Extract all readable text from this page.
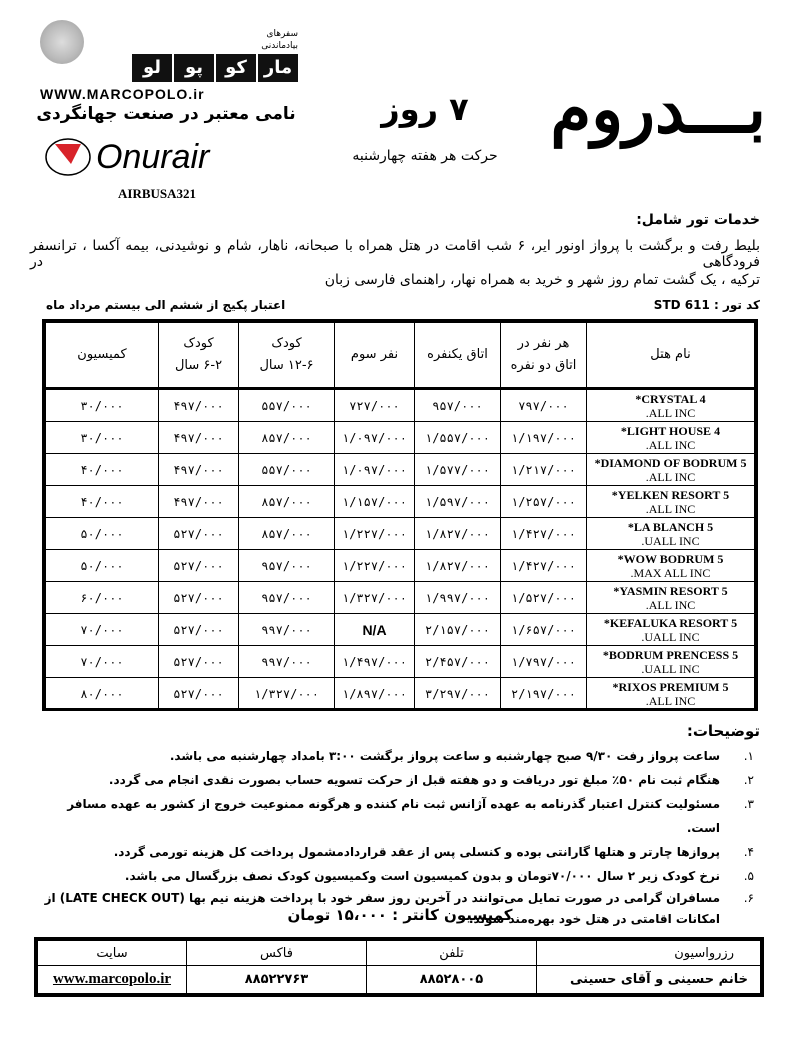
سفرهای
بیادماندنی
مار
کو
پو
لو
WWW.MARCOPOLO.ir
نامی معتبر در صنعت جهانگردی
Onurair
AIRBUSA321
بـــدروم
۷ روز
حرکت هر هفته چهارشنبه
خدمات تور شامل:
بلیط رفت و برگشت با پرواز اونور ایر، ۶ شب اقامت در هتل همراه با صبحانه، ناهار، شام و نوشیدنی، بیمه آکسا ، ترانسفر فرودگاهی در
ترکیه ، یک گشت تمام روز شهر و خرید به همراه نهار، راهنمای فارسی زبان
کد تور : STD 611
اعتبار پکیج از ششم الی بیستم مرداد ماه
نام هتل	هر نفر در
اتاق دو نفره	اتاق یکنفره	نفر سوم	کودک
۱۲-۶ سال	کودک
۶-۲ سال	کمیسیون

CRYSTAL 4*
ALL INC.	۷۹۷/۰۰۰	۹۵۷/۰۰۰	۷۲۷/۰۰۰	۵۵۷/۰۰۰	۴۹۷/۰۰۰	۳۰/۰۰۰

LIGHT HOUSE 4*
ALL INC.	۱/۱۹۷/۰۰۰	۱/۵۵۷/۰۰۰	۱/۰۹۷/۰۰۰	۸۵۷/۰۰۰	۴۹۷/۰۰۰	۳۰/۰۰۰

DIAMOND OF BODRUM 5*
ALL INC.	۱/۲۱۷/۰۰۰	۱/۵۷۷/۰۰۰	۱/۰۹۷/۰۰۰	۵۵۷/۰۰۰	۴۹۷/۰۰۰	۴۰/۰۰۰

YELKEN RESORT 5*
ALL INC.	۱/۲۵۷/۰۰۰	۱/۵۹۷/۰۰۰	۱/۱۵۷/۰۰۰	۸۵۷/۰۰۰	۴۹۷/۰۰۰	۴۰/۰۰۰

LA BLANCH 5*
UALL INC.	۱/۴۲۷/۰۰۰	۱/۸۲۷/۰۰۰	۱/۲۲۷/۰۰۰	۸۵۷/۰۰۰	۵۲۷/۰۰۰	۵۰/۰۰۰

WOW BODRUM 5*
MAX ALL INC.	۱/۴۲۷/۰۰۰	۱/۸۲۷/۰۰۰	۱/۲۲۷/۰۰۰	۹۵۷/۰۰۰	۵۲۷/۰۰۰	۵۰/۰۰۰

YASMIN RESORT 5*
ALL INC.	۱/۵۲۷/۰۰۰	۱/۹۹۷/۰۰۰	۱/۳۲۷/۰۰۰	۹۵۷/۰۰۰	۵۲۷/۰۰۰	۶۰/۰۰۰

KEFALUKA RESORT 5*
UALL INC.	۱/۶۵۷/۰۰۰	۲/۱۵۷/۰۰۰	N/A	۹۹۷/۰۰۰	۵۲۷/۰۰۰	۷۰/۰۰۰

BODRUM PRENCESS 5*
UALL INC.	۱/۷۹۷/۰۰۰	۲/۴۵۷/۰۰۰	۱/۴۹۷/۰۰۰	۹۹۷/۰۰۰	۵۲۷/۰۰۰	۷۰/۰۰۰

RIXOS PREMIUM 5*
ALL INC.	۲/۱۹۷/۰۰۰	۳/۲۹۷/۰۰۰	۱/۸۹۷/۰۰۰	۱/۳۲۷/۰۰۰	۵۲۷/۰۰۰	۸۰/۰۰۰
توضیحات:
۱.
ساعت پرواز رفت ۹/۳۰ صبح چهارشنبه و ساعت پرواز برگشت ۳:۰۰ بامداد چهارشنبه می باشد.
۲.
هنگام ثبت نام ۵۰٪ مبلغ تور دریافت و دو هفته قبل از حرکت تسویه حساب بصورت نقدی انجام می گردد.
۳.
مسئولیت کنترل اعتبار گذرنامه به عهده آژانس ثبت نام کننده و هرگونه ممنوعیت خروج از کشور به عهده مسافر است.
۴.
پروازها چارتر و هتلها گارانتی بوده و کنسلی پس از عقد قراردادمشمول پرداخت کل هزینه تورمی گردد.
۵.
نرخ کودک زیر ۲ سال ۷۰/۰۰۰تومان و بدون کمیسیون است وکمیسیون کودک نصف بزرگسال می باشد.
۶.
مسافران گرامی در صورت تمایل می‌توانند در آخرین روز سفر خود با پرداخت هزینه نیم بها (LATE CHECK OUT) از امکانات اقامتی در هتل خود بهره‌مند شوند.
کمیسیون کانتر : ۱۵،۰۰۰ تومان
رزرواسیون	تلفن	فاکس	سایت
خانم حسینی و آقای حسینی	۸۸۵۲۸۰۰۵	۸۸۵۲۲۷۶۳	www.marcopolo.ir
